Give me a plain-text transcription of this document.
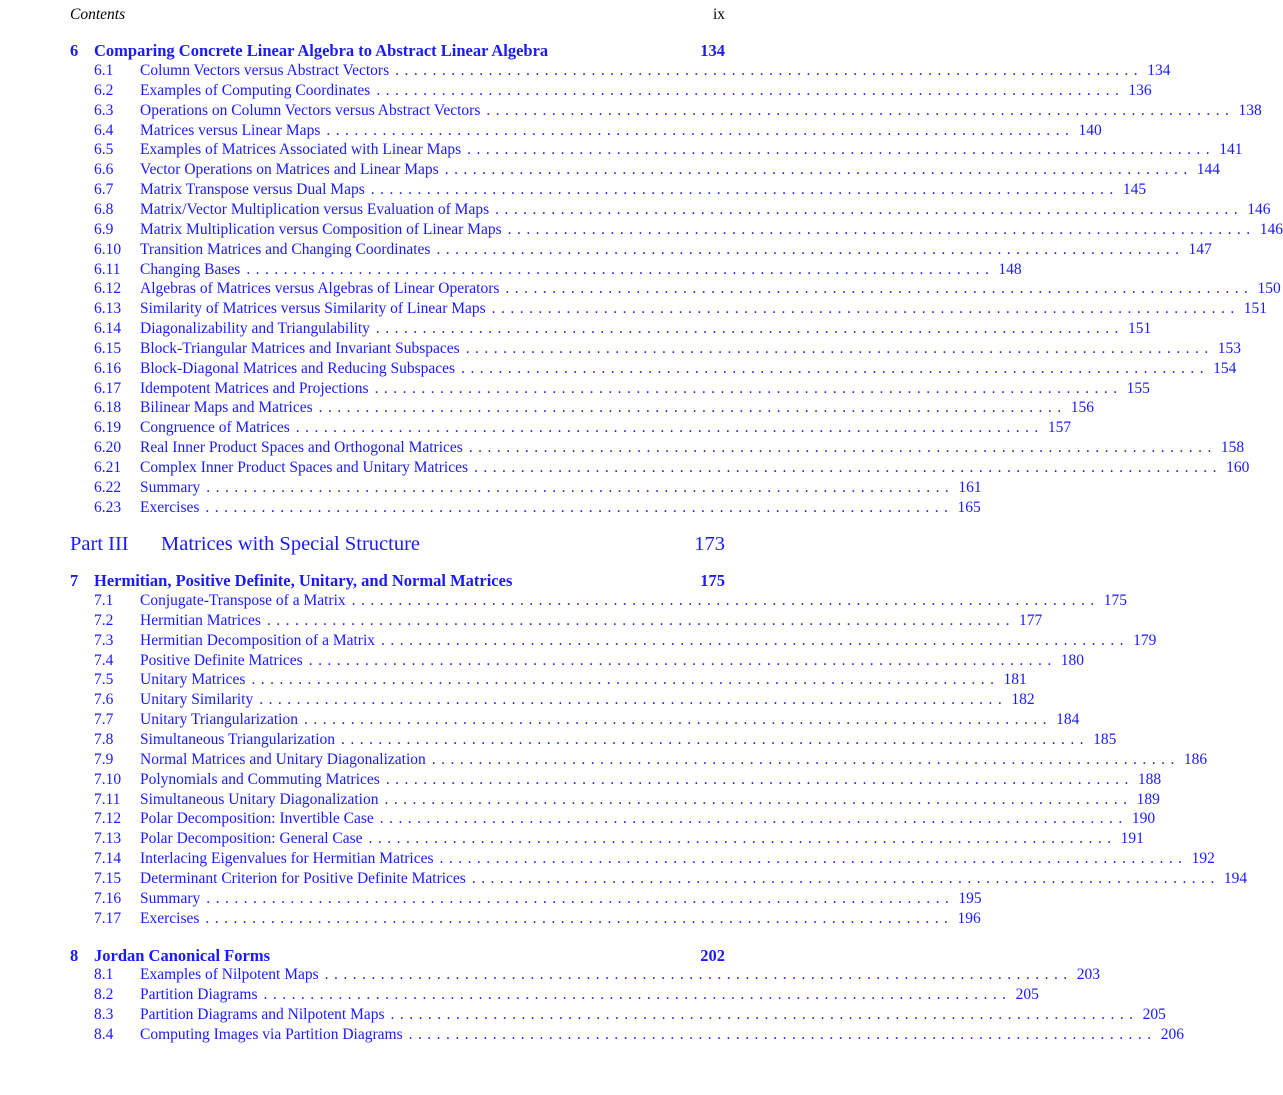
Contents	ix
6 Comparing Concrete Linear Algebra to Abstract Linear Algebra	134
6.1 Column Vectors versus Abstract Vectors . . . . . . . . . . . . . . . . . . . . . . . . . . . . . . . . . . . . . . . . . . . . . . . . . . . . . . . . . . . . . . . . . . . . . . . . . . . . . . . . 134
6.2 Examples of Computing Coordinates . . . . . . . . . . . . . . . . . . . . . . . . . . . . . . . . . . . . . . . . . . . . . . . . . . . . . . . . . . . . . . . . . . . . . . . . . . . . . . . . 136
6.3 Operations on Column Vectors versus Abstract Vectors . . . . . . . . . . . . . . . . . . . . . . . . . . . . . . . . . . . . . . . . . . . . . . . . . . . . . . . . . . . . . . . . . . . . . . . . . . . . . . . . 138
6.4 Matrices versus Linear Maps . . . . . . . . . . . . . . . . . . . . . . . . . . . . . . . . . . . . . . . . . . . . . . . . . . . . . . . . . . . . . . . . . . . . . . . . . . . . . . . . 140
6.5 Examples of Matrices Associated with Linear Maps . . . . . . . . . . . . . . . . . . . . . . . . . . . . . . . . . . . . . . . . . . . . . . . . . . . . . . . . . . . . . . . . . . . . . . . . . . . . . . . . 141
6.6 Vector Operations on Matrices and Linear Maps . . . . . . . . . . . . . . . . . . . . . . . . . . . . . . . . . . . . . . . . . . . . . . . . . . . . . . . . . . . . . . . . . . . . . . . . . . . . . . . . 144
6.7 Matrix Transpose versus Dual Maps . . . . . . . . . . . . . . . . . . . . . . . . . . . . . . . . . . . . . . . . . . . . . . . . . . . . . . . . . . . . . . . . . . . . . . . . . . . . . . . . 145
6.8 Matrix/Vector Multiplication versus Evaluation of Maps . . . . . . . . . . . . . . . . . . . . . . . . . . . . . . . . . . . . . . . . . . . . . . . . . . . . . . . . . . . . . . . . . . . . . . . . . . . . . . . . 146
6.9 Matrix Multiplication versus Composition of Linear Maps . . . . . . . . . . . . . . . . . . . . . . . . . . . . . . . . . . . . . . . . . . . . . . . . . . . . . . . . . . . . . . . . . . . . . . . . . . . . . . . . 146
6.10 Transition Matrices and Changing Coordinates . . . . . . . . . . . . . . . . . . . . . . . . . . . . . . . . . . . . . . . . . . . . . . . . . . . . . . . . . . . . . . . . . . . . . . . . . . . . . . . . 147
6.11 Changing Bases . . . . . . . . . . . . . . . . . . . . . . . . . . . . . . . . . . . . . . . . . . . . . . . . . . . . . . . . . . . . . . . . . . . . . . . . . . . . . . . . 148
6.12 Algebras of Matrices versus Algebras of Linear Operators . . . . . . . . . . . . . . . . . . . . . . . . . . . . . . . . . . . . . . . . . . . . . . . . . . . . . . . . . . . . . . . . . . . . . . . . . . . . . . . . 150
6.13 Similarity of Matrices versus Similarity of Linear Maps . . . . . . . . . . . . . . . . . . . . . . . . . . . . . . . . . . . . . . . . . . . . . . . . . . . . . . . . . . . . . . . . . . . . . . . . . . . . . . . . 151
6.14 Diagonalizability and Triangulability . . . . . . . . . . . . . . . . . . . . . . . . . . . . . . . . . . . . . . . . . . . . . . . . . . . . . . . . . . . . . . . . . . . . . . . . . . . . . . . . 151
6.15 Block-Triangular Matrices and Invariant Subspaces . . . . . . . . . . . . . . . . . . . . . . . . . . . . . . . . . . . . . . . . . . . . . . . . . . . . . . . . . . . . . . . . . . . . . . . . . . . . . . . . 153
6.16 Block-Diagonal Matrices and Reducing Subspaces . . . . . . . . . . . . . . . . . . . . . . . . . . . . . . . . . . . . . . . . . . . . . . . . . . . . . . . . . . . . . . . . . . . . . . . . . . . . . . . . 154
6.17 Idempotent Matrices and Projections . . . . . . . . . . . . . . . . . . . . . . . . . . . . . . . . . . . . . . . . . . . . . . . . . . . . . . . . . . . . . . . . . . . . . . . . . . . . . . . . 155
6.18 Bilinear Maps and Matrices . . . . . . . . . . . . . . . . . . . . . . . . . . . . . . . . . . . . . . . . . . . . . . . . . . . . . . . . . . . . . . . . . . . . . . . . . . . . . . . . 156
6.19 Congruence of Matrices . . . . . . . . . . . . . . . . . . . . . . . . . . . . . . . . . . . . . . . . . . . . . . . . . . . . . . . . . . . . . . . . . . . . . . . . . . . . . . . . 157
6.20 Real Inner Product Spaces and Orthogonal Matrices . . . . . . . . . . . . . . . . . . . . . . . . . . . . . . . . . . . . . . . . . . . . . . . . . . . . . . . . . . . . . . . . . . . . . . . . . . . . . . . . 158
6.21 Complex Inner Product Spaces and Unitary Matrices . . . . . . . . . . . . . . . . . . . . . . . . . . . . . . . . . . . . . . . . . . . . . . . . . . . . . . . . . . . . . . . . . . . . . . . . . . . . . . . . 160
6.22 Summary . . . . . . . . . . . . . . . . . . . . . . . . . . . . . . . . . . . . . . . . . . . . . . . . . . . . . . . . . . . . . . . . . . . . . . . . . . . . . . . . 161
6.23 Exercises . . . . . . . . . . . . . . . . . . . . . . . . . . . . . . . . . . . . . . . . . . . . . . . . . . . . . . . . . . . . . . . . . . . . . . . . . . . . . . . . 165
Part III Matrices with Special Structure	173
7 Hermitian, Positive Definite, Unitary, and Normal Matrices	175
7.1 Conjugate-Transpose of a Matrix . . . . . . . . . . . . . . . . . . . . . . . . . . . . . . . . . . . . . . . . . . . . . . . . . . . . . . . . . . . . . . . . . . . . . . . . . . . . . . . . 175
7.2 Hermitian Matrices . . . . . . . . . . . . . . . . . . . . . . . . . . . . . . . . . . . . . . . . . . . . . . . . . . . . . . . . . . . . . . . . . . . . . . . . . . . . . . . . 177
7.3 Hermitian Decomposition of a Matrix . . . . . . . . . . . . . . . . . . . . . . . . . . . . . . . . . . . . . . . . . . . . . . . . . . . . . . . . . . . . . . . . . . . . . . . . . . . . . . . . 179
7.4 Positive Definite Matrices . . . . . . . . . . . . . . . . . . . . . . . . . . . . . . . . . . . . . . . . . . . . . . . . . . . . . . . . . . . . . . . . . . . . . . . . . . . . . . . . 180
7.5 Unitary Matrices . . . . . . . . . . . . . . . . . . . . . . . . . . . . . . . . . . . . . . . . . . . . . . . . . . . . . . . . . . . . . . . . . . . . . . . . . . . . . . . . 181
7.6 Unitary Similarity . . . . . . . . . . . . . . . . . . . . . . . . . . . . . . . . . . . . . . . . . . . . . . . . . . . . . . . . . . . . . . . . . . . . . . . . . . . . . . . . 182
7.7 Unitary Triangularization . . . . . . . . . . . . . . . . . . . . . . . . . . . . . . . . . . . . . . . . . . . . . . . . . . . . . . . . . . . . . . . . . . . . . . . . . . . . . . . . 184
7.8 Simultaneous Triangularization . . . . . . . . . . . . . . . . . . . . . . . . . . . . . . . . . . . . . . . . . . . . . . . . . . . . . . . . . . . . . . . . . . . . . . . . . . . . . . . . 185
7.9 Normal Matrices and Unitary Diagonalization . . . . . . . . . . . . . . . . . . . . . . . . . . . . . . . . . . . . . . . . . . . . . . . . . . . . . . . . . . . . . . . . . . . . . . . . . . . . . . . . 186
7.10 Polynomials and Commuting Matrices . . . . . . . . . . . . . . . . . . . . . . . . . . . . . . . . . . . . . . . . . . . . . . . . . . . . . . . . . . . . . . . . . . . . . . . . . . . . . . . . 188
7.11 Simultaneous Unitary Diagonalization . . . . . . . . . . . . . . . . . . . . . . . . . . . . . . . . . . . . . . . . . . . . . . . . . . . . . . . . . . . . . . . . . . . . . . . . . . . . . . . . 189
7.12 Polar Decomposition: Invertible Case . . . . . . . . . . . . . . . . . . . . . . . . . . . . . . . . . . . . . . . . . . . . . . . . . . . . . . . . . . . . . . . . . . . . . . . . . . . . . . . . 190
7.13 Polar Decomposition: General Case . . . . . . . . . . . . . . . . . . . . . . . . . . . . . . . . . . . . . . . . . . . . . . . . . . . . . . . . . . . . . . . . . . . . . . . . . . . . . . . . 191
7.14 Interlacing Eigenvalues for Hermitian Matrices . . . . . . . . . . . . . . . . . . . . . . . . . . . . . . . . . . . . . . . . . . . . . . . . . . . . . . . . . . . . . . . . . . . . . . . . . . . . . . . . 192
7.15 Determinant Criterion for Positive Definite Matrices . . . . . . . . . . . . . . . . . . . . . . . . . . . . . . . . . . . . . . . . . . . . . . . . . . . . . . . . . . . . . . . . . . . . . . . . . . . . . . . . 194
7.16 Summary . . . . . . . . . . . . . . . . . . . . . . . . . . . . . . . . . . . . . . . . . . . . . . . . . . . . . . . . . . . . . . . . . . . . . . . . . . . . . . . . 195
7.17 Exercises . . . . . . . . . . . . . . . . . . . . . . . . . . . . . . . . . . . . . . . . . . . . . . . . . . . . . . . . . . . . . . . . . . . . . . . . . . . . . . . . 196
8 Jordan Canonical Forms	202
8.1 Examples of Nilpotent Maps . . . . . . . . . . . . . . . . . . . . . . . . . . . . . . . . . . . . . . . . . . . . . . . . . . . . . . . . . . . . . . . . . . . . . . . . . . . . . . . . 203
8.2 Partition Diagrams . . . . . . . . . . . . . . . . . . . . . . . . . . . . . . . . . . . . . . . . . . . . . . . . . . . . . . . . . . . . . . . . . . . . . . . . . . . . . . . . 205
8.3 Partition Diagrams and Nilpotent Maps . . . . . . . . . . . . . . . . . . . . . . . . . . . . . . . . . . . . . . . . . . . . . . . . . . . . . . . . . . . . . . . . . . . . . . . . . . . . . . . . 205
8.4 Computing Images via Partition Diagrams . . . . . . . . . . . . . . . . . . . . . . . . . . . . . . . . . . . . . . . . . . . . . . . . . . . . . . . . . . . . . . . . . . . . . . . . . . . . . . . . 206
